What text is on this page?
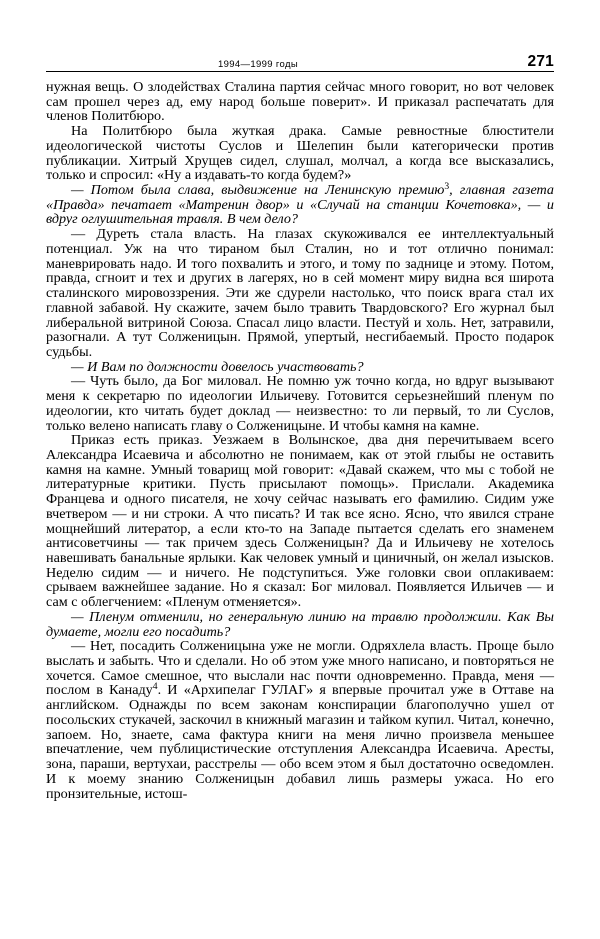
1994—1999 годы	271

нужная вещь. О злодействах Сталина партия сейчас много говорит, но вот человек сам прошел через ад, ему народ больше поверит». И приказал распечатать для членов Политбюро.

На Политбюро была жуткая драка. Самые ревностные блюстители идеологической чистоты Суслов и Шелепин были категорически против публикации. Хитрый Хрущев сидел, слушал, молчал, а когда все высказались, только и спросил: «Ну а издавать-то когда будем?»

— Потом была слава, выдвижение на Ленинскую премию$^3$, главная газета «Правда» печатает «Матренин двор» и «Случай на станции Кочетовка», — и вдруг оглушительная травля. В чем дело?

— Дуреть стала власть. На глазах скукоживался ее интеллектуальный потенциал. Уж на что тираном был Сталин, но и тот отлично понимал: маневрировать надо. И того похвалить и этого, и тому по заднице и этому. Потом, правда, сгноит и тех и других в лагерях, но в сей момент миру видна вся широта сталинского мировоззрения. Эти же сдурели настолько, что поиск врага стал их главной забавой. Ну скажите, зачем было травить Твардовского? Его журнал был либеральной витриной Союза. Спасал лицо власти. Пестуй и холь. Нет, затравили, разогнали. А тут Солженицын. Прямой, упертый, несгибаемый. Просто подарок судьбы.

— И Вам по должности довелось участвовать?

— Чуть было, да Бог миловал. Не помню уж точно когда, но вдруг вызывают меня к секретарю по идеологии Ильичеву. Готовится серьезнейший пленум по идеологии, кто читать будет доклад — неизвестно: то ли первый, то ли Суслов, только велено написать главу о Солженицыне. И чтобы камня на камне.

Приказ есть приказ. Уезжаем в Волынское, два дня перечитываем всего Александра Исаевича и абсолютно не понимаем, как от этой глыбы не оставить камня на камне. Умный товарищ мой говорит: «Давай скажем, что мы с тобой не литературные критики. Пусть присылают помощь». Прислали. Академика Францева и одного писателя, не хочу сейчас называть его фамилию. Сидим уже вчетвером — и ни строки. А что писать? И так все ясно. Ясно, что явился стране мощнейший литератор, а если кто-то на Западе пытается сделать его знаменем антисоветчины — так причем здесь Солженицын? Да и Ильичеву не хотелось навешивать банальные ярлыки. Как человек умный и циничный, он желал изысков. Неделю сидим — и ничего. Не подступиться. Уже головки свои оплакиваем: срываем важнейшее задание. Но я сказал: Бог миловал. Появляется Ильичев — и сам с облегчением: «Пленум отменяется».

— Пленум отменили, но генеральную линию на травлю продолжили. Как Вы думаете, могли его посадить?

— Нет, посадить Солженицына уже не могли. Одряхлела власть. Проще было выслать и забыть. Что и сделали. Но об этом уже много написано, и повторяться не хочется. Самое смешное, что выслали нас почти одновременно. Правда, меня — послом в Канаду$^4$. И «Архипелаг ГУЛАГ» я впервые прочитал уже в Оттаве на английском. Однажды по всем законам конспирации благополучно ушел от посольских стукачей, заскочил в книжный магазин и тайком купил. Читал, конечно, запоем. Но, знаете, сама фактура книги на меня лично произвела меньшее впечатление, чем публицистические отступления Александра Исаевича. Аресты, зона, параши, вертухаи, расстрелы — обо всем этом я был достаточно осведомлен. И к моему знанию Солженицын добавил лишь размеры ужаса. Но его пронзительные, истош-
